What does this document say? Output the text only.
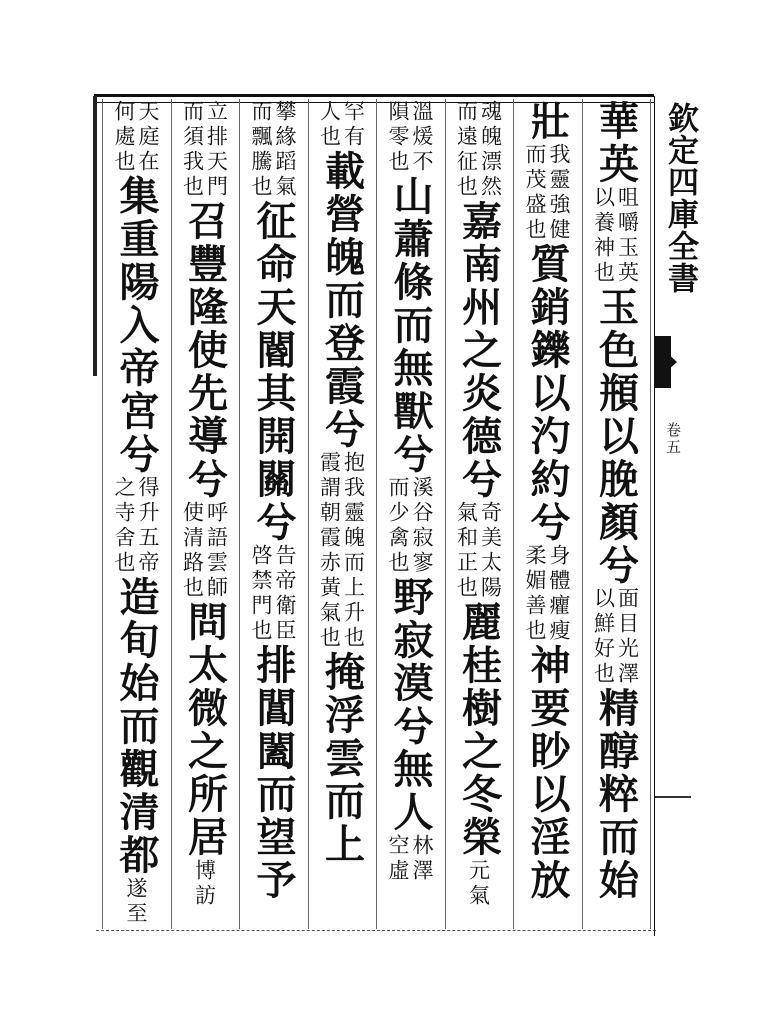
欽定四庫全書
卷五
華英
咀嚼玉英
以養神也
玉色頩以脕顏兮
面目光澤
以鮮好也
精醇粹而始
壯
我靈強健
而茂盛也
質銷鑠以汋約兮
身體癯瘦
柔媚善也
神要眇以淫放
魂魄漂然
而遠征也
嘉南州之炎德兮
奇美太陽
氣和正也
麗桂樹之冬榮
元氣
溫煖不
隕零也
山蕭條而無獸兮
溪谷寂寥
而少禽也
野寂漠兮無人
林澤
空虛
罕有
人也
載營魄而登霞兮
抱我靈魄而上升也
霞謂朝霞赤黃氣也
掩浮雲而上
攀緣蹈氣
而飄騰也
征
命天閽其開關兮
告帝衛臣
啓禁門也
排閶闔而望予
立排天門
而須我也
召豐隆使先導兮
呼語雲師
使清路也
問太微之所居
博訪
天庭在
何處也
集重陽入帝宮兮
得升五帝
之寺舍也
造旬始而觀清都
遂至
